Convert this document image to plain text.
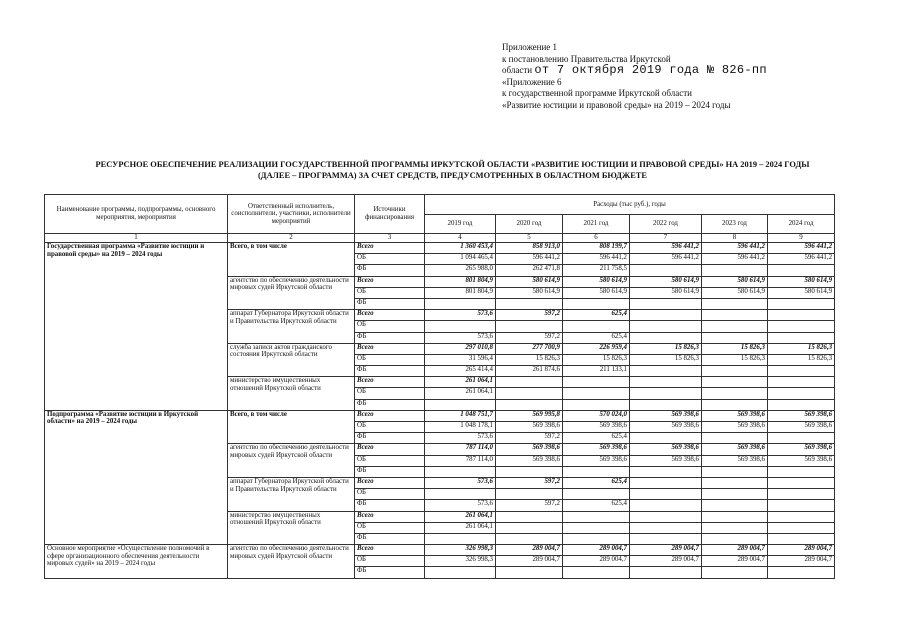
Приложение 1
к постановлению Правительства Иркутской
области от 7 октября 2019 года № 826-пп
«Приложение 6
к государственной программе Иркутской области
«Развитие юстиции и правовой среды» на 2019 – 2024 годы
РЕСУРСНОЕ ОБЕСПЕЧЕНИЕ РЕАЛИЗАЦИИ ГОСУДАРСТВЕННОЙ ПРОГРАММЫ ИРКУТСКОЙ ОБЛАСТИ «РАЗВИТИЕ ЮСТИЦИИ И ПРАВОВОЙ СРЕДЫ» НА 2019 – 2024 ГОДЫ
(ДАЛЕЕ – ПРОГРАММА) ЗА СЧЕТ СРЕДСТВ, ПРЕДУСМОТРЕННЫХ В ОБЛАСТНОМ БЮДЖЕТЕ
Наименование программы, подпрограммы, основного мероприятия, мероприятия	Ответственный исполнитель, соисполнители, участники, исполнители мероприятий	Источники финансирования	Расходы (тыс руб.), годы					
			2019 год	2020 год	2021 год	2022 год	2023 год	2024 год
1	2	3	4	5	6	7	8	9
Государственная программа «Развитие юстиции и правовой среды» на 2019 – 2024 годы	Всего, в том числе	Всего	1 360 453,4	858 913,0	808 199,7	596 441,2	596 441,2	596 441,2
		ОБ	1 094 465,4	596 441,2	596 441,2	596 441,2	596 441,2	596 441,2
		ФБ	265 988,0	262 471,8	211 758,5			
	агентство по обеспечению деятельности мировых судей Иркутской области	Всего	801 804,9	580 614,9	580 614,9	580 614,9	580 614,9	580 614,9
		ОБ	801 804,9	580 614,9	580 614,9	580 614,9	580 614,9	580 614,9
		ФБ						
	аппарат Губернатора Иркутской области и Правительства Иркутской области	Всего	573,6	597,2	625,4			
		ОБ						
		ФБ	573,6	597,2	625,4			
	служба записи актов гражданского состояния Иркутской области	Всего	297 010,8	277 700,9	226 959,4	15 826,3	15 826,3	15 826,3
		ОБ	31 596,4	15 826,3	15 826,3	15 826,3	15 826,3	15 826,3
		ФБ	265 414,4	261 874,6	211 133,1			
	министерство имущественных отношений Иркутской области	Всего	261 064,1					
		ОБ	261 064,1					
		ФБ						
Подпрограмма «Развитие юстиции в Иркутской области» на 2019 – 2024 годы	Всего, в том числе	Всего	1 048 751,7	569 995,8	570 024,0	569 398,6	569 398,6	569 398,6
		ОБ	1 048 178,1	569 398,6	569 398,6	569 398,6	569 398,6	569 398,6
		ФБ	573,6	597,2	625,4			
	агентство по обеспечению деятельности мировых судей Иркутской области	Всего	787 114,0	569 398,6	569 398,6	569 398,6	569 398,6	569 398,6
		ОБ	787 114,0	569 398,6	569 398,6	569 398,6	569 398,6	569 398,6
		ФБ						
	аппарат Губернатора Иркутской области и Правительства Иркутской области	Всего	573,6	597,2	625,4			
		ОБ						
		ФБ	573,6	597,2	625,4			
	министерство имущественных отношений Иркутской области	Всего	261 064,1					
		ОБ	261 064,1					
		ФБ						
Основное мероприятие «Осуществление полномочий в сфере организационного обеспечения деятельности мировых судей» на 2019 – 2024 годы	агентство по обеспечению деятельности мировых судей Иркутской области	Всего	326 998,3	289 004,7	289 004,7	289 004,7	289 004,7	289 004,7
		ОБ	326 998,3	289 004,7	289 004,7	289 004,7	289 004,7	289 004,7
		ФБ						
